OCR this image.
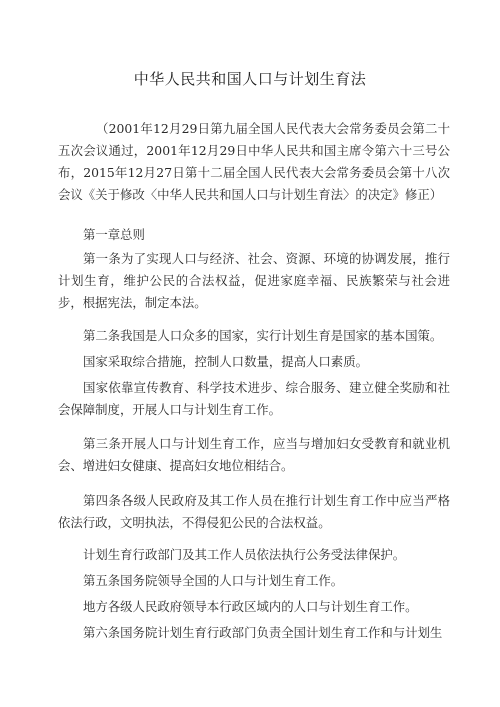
中华人民共和国人口与计划生育法
（2001年12月29日第九届全国人民代表大会常务委员会第二十五次会议通过，2001年12月29日中华人民共和国主席令第六十三号公布，2015年12月27日第十二届全国人民代表大会常务委员会第十八次会议《关于修改〈中华人民共和国人口与计划生育法〉的决定》修正）
第一章总则
第一条为了实现人口与经济、社会、资源、环境的协调发展，推行计划生育，维护公民的合法权益，促进家庭幸福、民族繁荣与社会进步，根据宪法，制定本法。
第二条我国是人口众多的国家，实行计划生育是国家的基本国策。
国家采取综合措施，控制人口数量，提高人口素质。
国家依靠宣传教育、科学技术进步、综合服务、建立健全奖励和社会保障制度，开展人口与计划生育工作。
第三条开展人口与计划生育工作，应当与增加妇女受教育和就业机会、增进妇女健康、提高妇女地位相结合。
第四条各级人民政府及其工作人员在推行计划生育工作中应当严格依法行政，文明执法，不得侵犯公民的合法权益。
计划生育行政部门及其工作人员依法执行公务受法律保护。
第五条国务院领导全国的人口与计划生育工作。
地方各级人民政府领导本行政区域内的人口与计划生育工作。
第六条国务院计划生育行政部门负责全国计划生育工作和与计划生
